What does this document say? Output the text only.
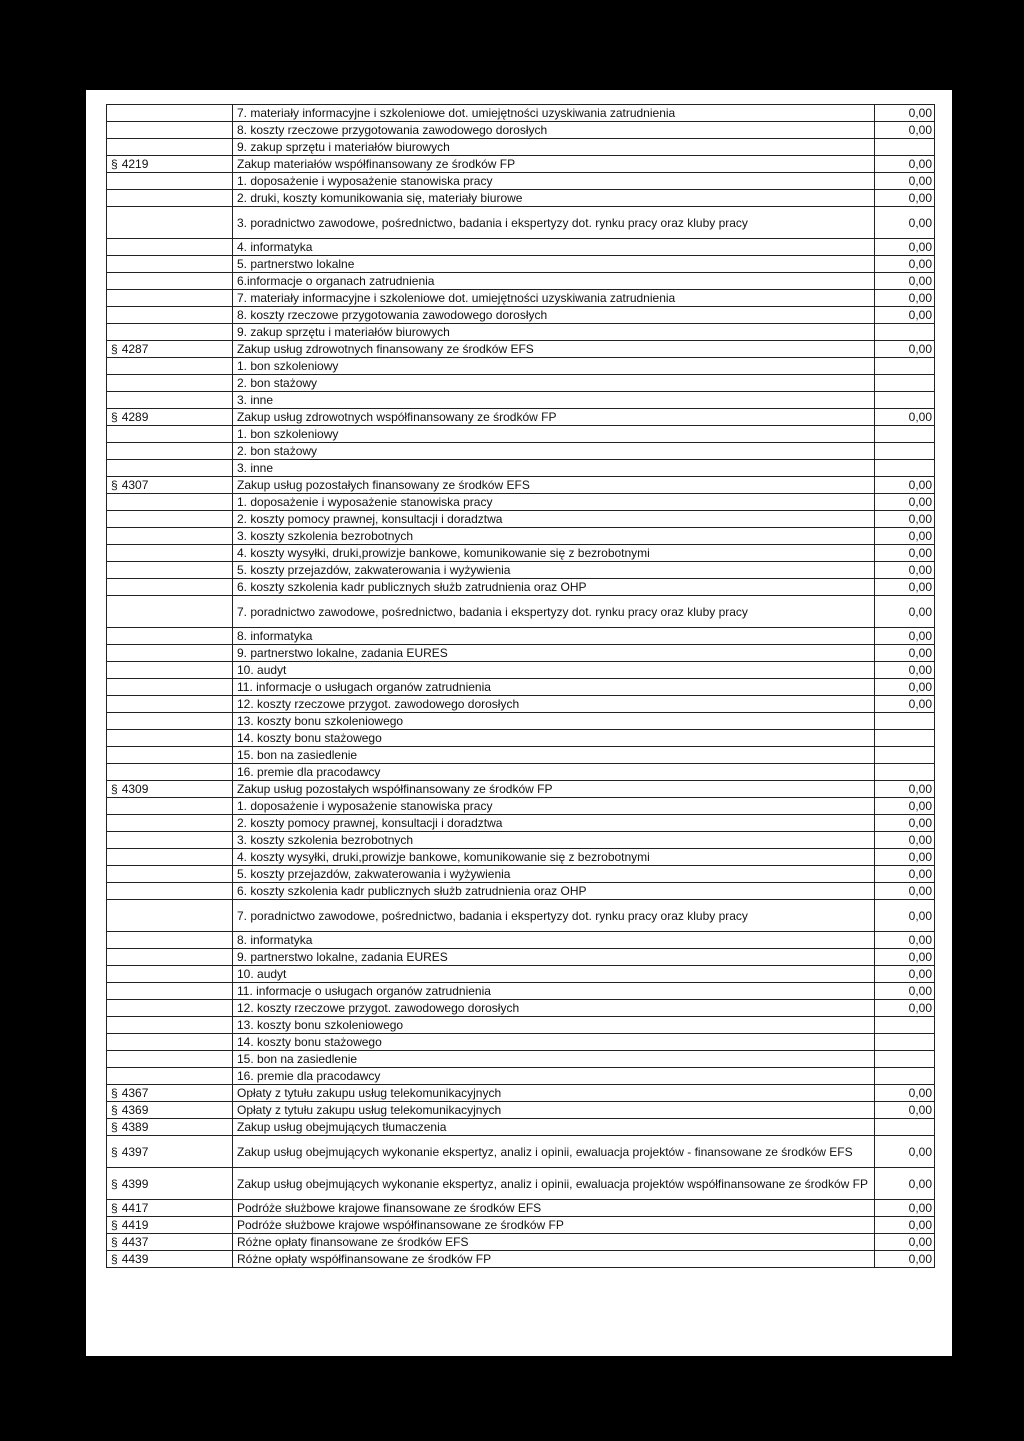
	7. materiały informacyjne i szkoleniowe dot. umiejętności uzyskiwania zatrudnienia	0,00
	8. koszty rzeczowe przygotowania zawodowego dorosłych	0,00
	9. zakup sprzętu i materiałów biurowych	
§ 4219	Zakup materiałów współfinansowany ze środków FP	0,00
	1. doposażenie i wyposażenie stanowiska pracy	0,00
	2. druki, koszty komunikowania się, materiały biurowe	0,00
	3. poradnictwo zawodowe, pośrednictwo, badania i ekspertyzy dot. rynku pracy oraz kluby pracy	0,00
	4. informatyka	0,00
	5. partnerstwo lokalne	0,00
	6.informacje o organach zatrudnienia	0,00
	7. materiały informacyjne i szkoleniowe dot. umiejętności uzyskiwania zatrudnienia	0,00
	8. koszty rzeczowe przygotowania zawodowego dorosłych	0,00
	9. zakup sprzętu i materiałów biurowych	
§ 4287	Zakup usług zdrowotnych finansowany ze środków EFS	0,00
	1. bon szkoleniowy	
	2. bon stażowy	
	3. inne	
§ 4289	Zakup usług zdrowotnych współfinansowany ze środków FP	0,00
	1. bon szkoleniowy	
	2. bon stażowy	
	3. inne	
§ 4307	Zakup usług pozostałych finansowany ze środków EFS	0,00
	1. doposażenie i wyposażenie stanowiska pracy	0,00
	2. koszty pomocy prawnej, konsultacji i doradztwa	0,00
	3. koszty szkolenia bezrobotnych	0,00
	4. koszty wysyłki, druki,prowizje bankowe, komunikowanie się z bezrobotnymi	0,00
	5. koszty przejazdów, zakwaterowania i wyżywienia	0,00
	6. koszty szkolenia kadr publicznych służb zatrudnienia oraz OHP	0,00
	7. poradnictwo zawodowe, pośrednictwo, badania i ekspertyzy dot. rynku pracy oraz kluby pracy	0,00
	8. informatyka	0,00
	9. partnerstwo lokalne, zadania EURES	0,00
	10. audyt	0,00
	11. informacje o usługach organów zatrudnienia	0,00
	12. koszty rzeczowe przygot. zawodowego dorosłych	0,00
	13. koszty bonu szkoleniowego	
	14. koszty bonu stażowego	
	15. bon na zasiedlenie	
	16. premie dla pracodawcy	
§ 4309	Zakup usług pozostałych współfinansowany ze środków FP	0,00
	1. doposażenie i wyposażenie stanowiska pracy	0,00
	2. koszty pomocy prawnej, konsultacji i doradztwa	0,00
	3. koszty szkolenia bezrobotnych	0,00
	4. koszty wysyłki, druki,prowizje bankowe, komunikowanie się z bezrobotnymi	0,00
	5. koszty przejazdów, zakwaterowania i wyżywienia	0,00
	6. koszty szkolenia kadr publicznych służb zatrudnienia oraz OHP	0,00
	7. poradnictwo zawodowe, pośrednictwo, badania i ekspertyzy dot. rynku pracy oraz kluby pracy	0,00
	8. informatyka	0,00
	9. partnerstwo lokalne, zadania EURES	0,00
	10. audyt	0,00
	11. informacje o usługach organów zatrudnienia	0,00
	12. koszty rzeczowe przygot. zawodowego dorosłych	0,00
	13. koszty bonu szkoleniowego	
	14. koszty bonu stażowego	
	15. bon na zasiedlenie	
	16. premie dla pracodawcy	
§ 4367	Opłaty z tytułu zakupu usług telekomunikacyjnych	0,00
§ 4369	Opłaty z tytułu zakupu usług telekomunikacyjnych	0,00
§ 4389	Zakup usług obejmujących tłumaczenia	
§ 4397	Zakup usług obejmujących wykonanie ekspertyz, analiz i opinii, ewaluacja projektów - finansowane ze środków EFS	0,00
§ 4399	Zakup usług obejmujących wykonanie ekspertyz, analiz i opinii, ewaluacja projektów współfinansowane ze środków FP	0,00
§ 4417	Podróże służbowe krajowe finansowane ze środków EFS	0,00
§ 4419	Podróże służbowe krajowe współfinansowane ze środków FP	0,00
§ 4437	Różne opłaty finansowane ze środków EFS	0,00
§ 4439	Różne opłaty współfinansowane ze środków FP	0,00
